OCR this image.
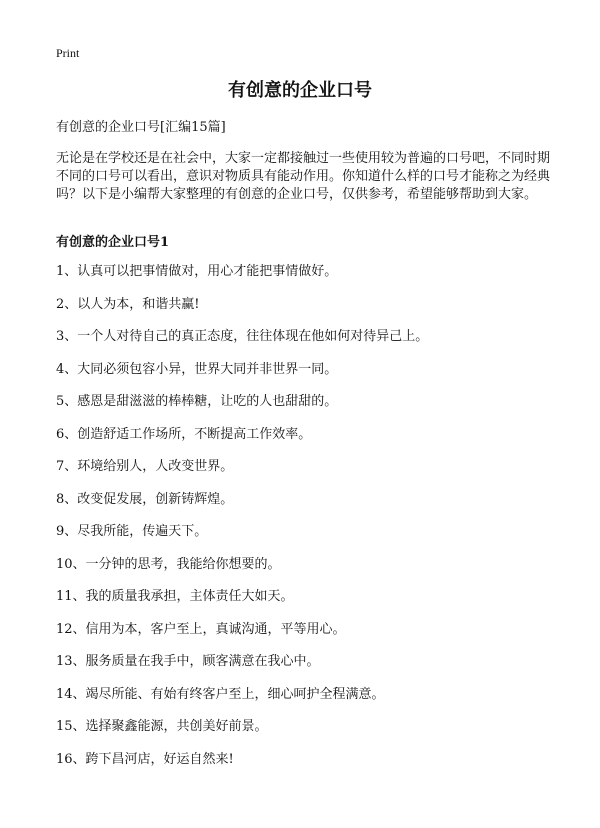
Print
有创意的企业口号
有创意的企业口号[汇编15篇]

无论是在学校还是在社会中，大家一定都接触过一些使用较为普遍的口号吧，不同时期不同的口号可以看出，意识对物质具有能动作用。你知道什么样的口号才能称之为经典吗？以下是小编帮大家整理的有创意的企业口号，仅供参考，希望能够帮助到大家。

有创意的企业口号1
1、认真可以把事情做对，用心才能把事情做好。
2、以人为本，和谐共赢!
3、一个人对待自己的真正态度，往往体现在他如何对待异己上。
4、大同必须包容小异，世界大同并非世界一同。
5、感恩是甜滋滋的棒棒糖，让吃的人也甜甜的。
6、创造舒适工作场所，不断提高工作效率。
7、环境给别人，人改变世界。
8、改变促发展，创新铸辉煌。
9、尽我所能，传遍天下。
10、一分钟的思考，我能给你想要的。
11、我的质量我承担，主体责任大如天。
12、信用为本，客户至上，真诚沟通，平等用心。
13、服务质量在我手中，顾客满意在我心中。
14、竭尽所能、有始有终客户至上，细心呵护全程满意。
15、选择聚鑫能源，共创美好前景。
16、跨下昌河店，好运自然来!
